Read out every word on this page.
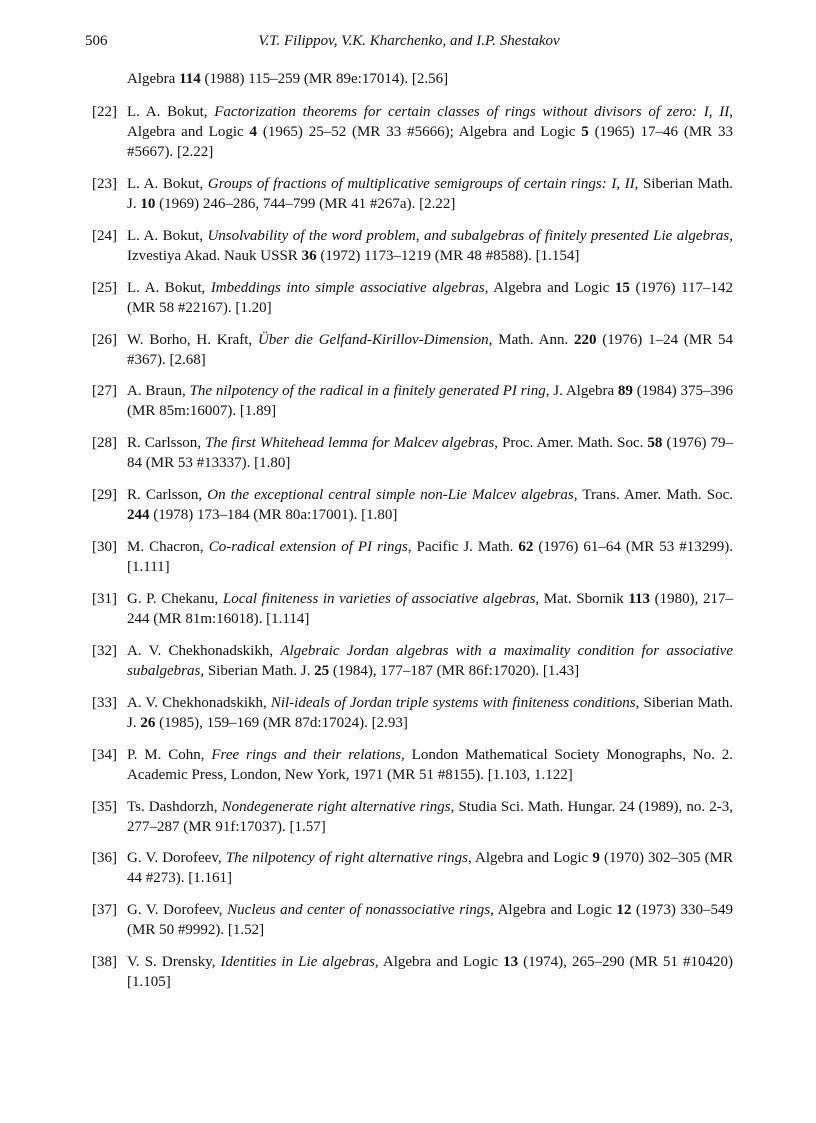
506	V.T. Filippov, V.K. Kharchenko, and I.P. Shestakov
Algebra 114 (1988) 115–259 (MR 89e:17014). [2.56]
[22] L. A. Bokut, Factorization theorems for certain classes of rings without divisors of zero: I, II, Algebra and Logic 4 (1965) 25–52 (MR 33 #5666); Algebra and Logic 5 (1965) 17–46 (MR 33 #5667). [2.22]
[23] L. A. Bokut, Groups of fractions of multiplicative semigroups of certain rings: I, II, Siberian Math. J. 10 (1969) 246–286, 744–799 (MR 41 #267a). [2.22]
[24] L. A. Bokut, Unsolvability of the word problem, and subalgebras of finitely presented Lie algebras, Izvestiya Akad. Nauk USSR 36 (1972) 1173–1219 (MR 48 #8588). [1.154]
[25] L. A. Bokut, Imbeddings into simple associative algebras, Algebra and Logic 15 (1976) 117–142 (MR 58 #22167). [1.20]
[26] W. Borho, H. Kraft, Über die Gelfand-Kirillov-Dimension, Math. Ann. 220 (1976) 1–24 (MR 54 #367). [2.68]
[27] A. Braun, The nilpotency of the radical in a finitely generated PI ring, J. Algebra 89 (1984) 375–396 (MR 85m:16007). [1.89]
[28] R. Carlsson, The first Whitehead lemma for Malcev algebras, Proc. Amer. Math. Soc. 58 (1976) 79–84 (MR 53 #13337). [1.80]
[29] R. Carlsson, On the exceptional central simple non-Lie Malcev algebras, Trans. Amer. Math. Soc. 244 (1978) 173–184 (MR 80a:17001). [1.80]
[30] M. Chacron, Co-radical extension of PI rings, Pacific J. Math. 62 (1976) 61–64 (MR 53 #13299). [1.111]
[31] G. P. Chekanu, Local finiteness in varieties of associative algebras, Mat. Sbornik 113 (1980), 217–244 (MR 81m:16018). [1.114]
[32] A. V. Chekhonadskikh, Algebraic Jordan algebras with a maximality condition for associative subalgebras, Siberian Math. J. 25 (1984), 177–187 (MR 86f:17020). [1.43]
[33] A. V. Chekhonadskikh, Nil-ideals of Jordan triple systems with finiteness conditions, Siberian Math. J. 26 (1985), 159–169 (MR 87d:17024). [2.93]
[34] P. M. Cohn, Free rings and their relations, London Mathematical Society Monographs, No. 2. Academic Press, London, New York, 1971 (MR 51 #8155). [1.103, 1.122]
[35] Ts. Dashdorzh, Nondegenerate right alternative rings, Studia Sci. Math. Hungar. 24 (1989), no. 2-3, 277–287 (MR 91f:17037). [1.57]
[36] G. V. Dorofeev, The nilpotency of right alternative rings, Algebra and Logic 9 (1970) 302–305 (MR 44 #273). [1.161]
[37] G. V. Dorofeev, Nucleus and center of nonassociative rings, Algebra and Logic 12 (1973) 330–549 (MR 50 #9992). [1.52]
[38] V. S. Drensky, Identities in Lie algebras, Algebra and Logic 13 (1974), 265–290 (MR 51 #10420) [1.105]
